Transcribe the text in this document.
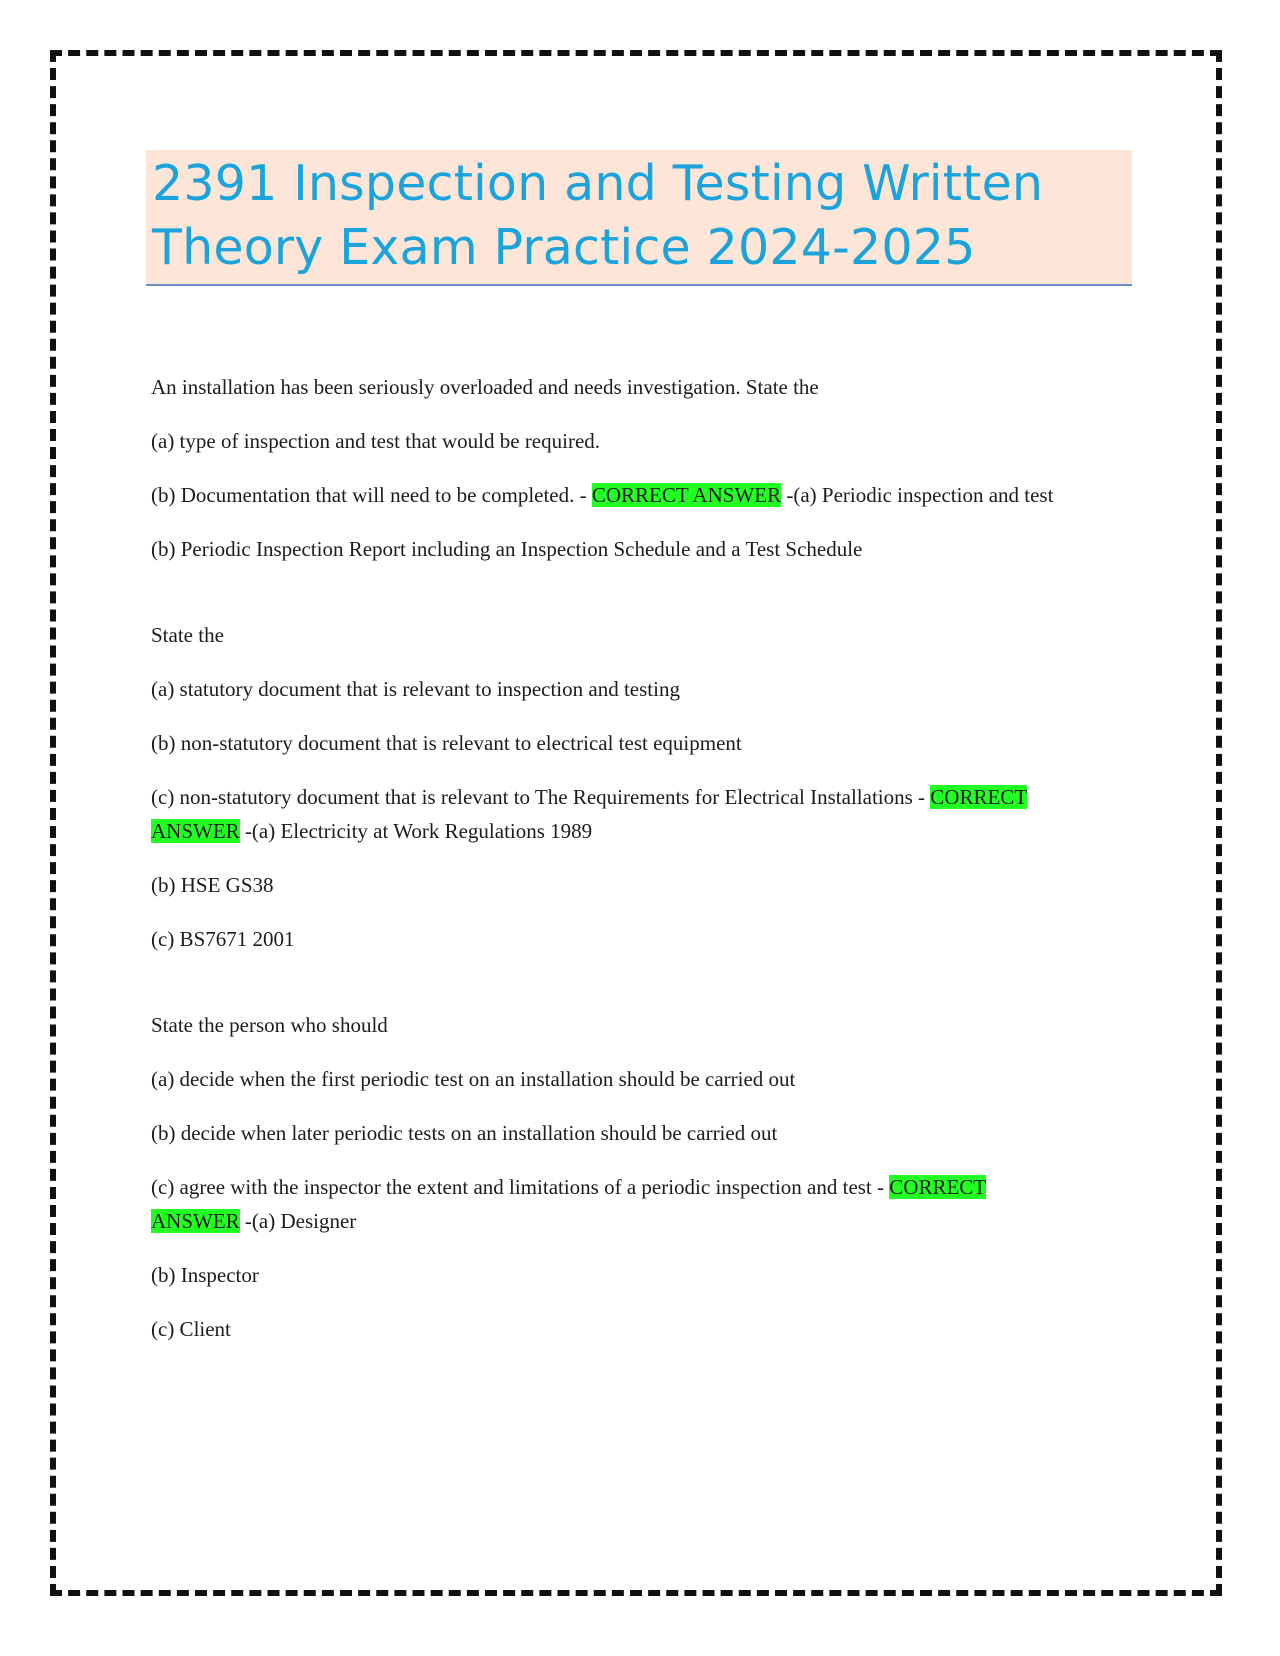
2391 Inspection and Testing Written
Theory Exam Practice 2024-2025

An installation has been seriously overloaded and needs investigation. State the

(a) type of inspection and test that would be required.

(b) Documentation that will need to be completed. - CORRECT ANSWER -(a) Periodic inspection and test

(b) Periodic Inspection Report including an Inspection Schedule and a Test Schedule

State the

(a) statutory document that is relevant to inspection and testing

(b) non-statutory document that is relevant to electrical test equipment

(c) non-statutory document that is relevant to The Requirements for Electrical Installations - CORRECT ANSWER -(a) Electricity at Work Regulations 1989

(b) HSE GS38

(c) BS7671 2001

State the person who should

(a) decide when the first periodic test on an installation should be carried out

(b) decide when later periodic tests on an installation should be carried out

(c) agree with the inspector the extent and limitations of a periodic inspection and test - CORRECT ANSWER -(a) Designer

(b) Inspector

(c) Client
